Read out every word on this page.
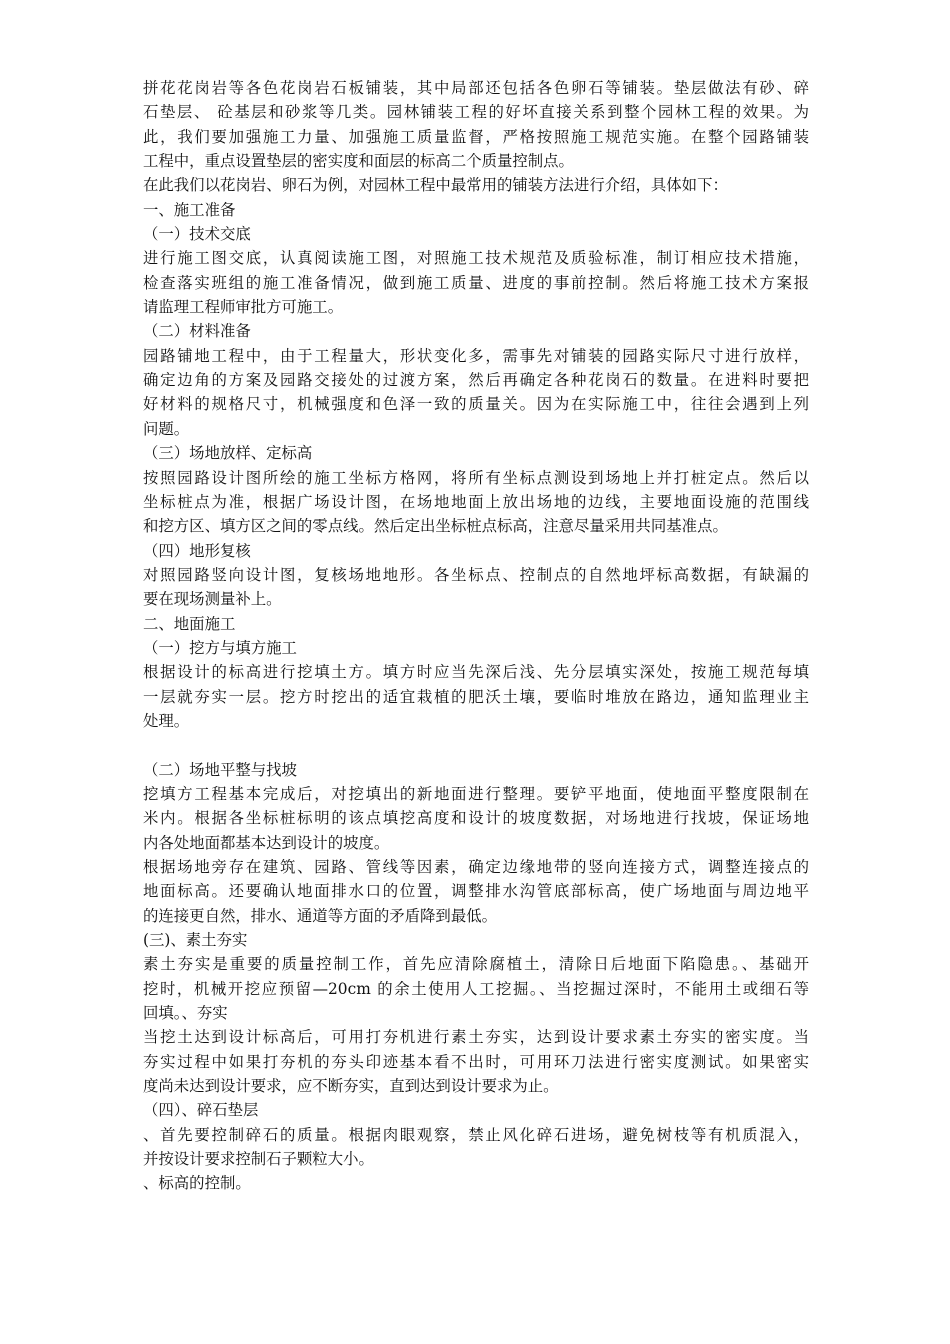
拼花花岗岩等各色花岗岩石板铺装，其中局部还包括各色卵石等铺装。垫层做法有砂、碎
石垫层、 砼基层和砂浆等几类。园林铺装工程的好坏直接关系到整个园林工程的效果。为
此，我们要加强施工力量、加强施工质量监督，严格按照施工规范实施。在整个园路铺装
工程中，重点设置垫层的密实度和面层的标高二个质量控制点。
在此我们以花岗岩、卵石为例，对园林工程中最常用的铺装方法进行介绍，具体如下：
一、施工准备
（一）技术交底
进行施工图交底，认真阅读施工图，对照施工技术规范及质验标准，制订相应技术措施，
检查落实班组的施工准备情况，做到施工质量、进度的事前控制。然后将施工技术方案报
请监理工程师审批方可施工。
（二）材料准备
园路铺地工程中，由于工程量大，形状变化多，需事先对铺装的园路实际尺寸进行放样，
确定边角的方案及园路交接处的过渡方案，然后再确定各种花岗石的数量。在进料时要把
好材料的规格尺寸，机械强度和色泽一致的质量关。因为在实际施工中，往往会遇到上列
问题。
（三）场地放样、定标高
按照园路设计图所绘的施工坐标方格网，将所有坐标点测设到场地上并打桩定点。然后以
坐标桩点为准，根据广场设计图，在场地地面上放出场地的边线，主要地面设施的范围线
和挖方区、填方区之间的零点线。然后定出坐标桩点标高，注意尽量采用共同基准点。
（四）地形复核
对照园路竖向设计图，复核场地地形。各坐标点、控制点的自然地坪标高数据，有缺漏的
要在现场测量补上。
二、地面施工
（一）挖方与填方施工
根据设计的标高进行挖填土方。填方时应当先深后浅、先分层填实深处，按施工规范每填
一层就夯实一层。挖方时挖出的适宜栽植的肥沃土壤，要临时堆放在路边，通知监理业主
处理。
（二）场地平整与找坡
挖填方工程基本完成后，对挖填出的新地面进行整理。要铲平地面，使地面平整度限制在
米内。根据各坐标桩标明的该点填挖高度和设计的坡度数据，对场地进行找坡，保证场地
内各处地面都基本达到设计的坡度。
根据场地旁存在建筑、园路、管线等因素，确定边缘地带的竖向连接方式，调整连接点的
地面标高。还要确认地面排水口的位置，调整排水沟管底部标高，使广场地面与周边地平
的连接更自然，排水、通道等方面的矛盾降到最低。
(三)、素土夯实
素土夯实是重要的质量控制工作，首先应清除腐植土，清除日后地面下陷隐患。、基础开
挖时，机械开挖应预留—20cm 的余土使用人工挖掘。、当挖掘过深时，不能用土或细石等
回填。、夯实
当挖土达到设计标高后，可用打夯机进行素土夯实，达到设计要求素土夯实的密实度。当
夯实过程中如果打夯机的夯头印迹基本看不出时，可用环刀法进行密实度测试。如果密实
度尚未达到设计要求，应不断夯实，直到达到设计要求为止。
（四）、碎石垫层
、首先要控制碎石的质量。根据肉眼观察，禁止风化碎石进场，避免树枝等有机质混入，
并按设计要求控制石子颗粒大小。
、标高的控制。
